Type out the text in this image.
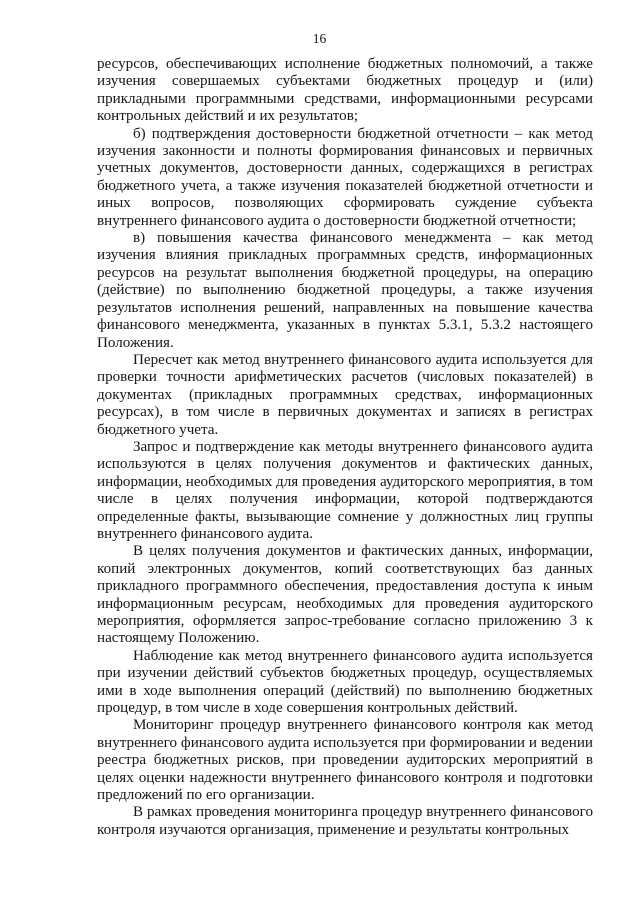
16

ресурсов, обеспечивающих исполнение бюджетных полномочий, а также изучения совершаемых субъектами бюджетных процедур и (или) прикладными программными средствами, информационными ресурсами контрольных действий и их результатов;

б) подтверждения достоверности бюджетной отчетности – как метод изучения законности и полноты формирования финансовых и первичных учетных документов, достоверности данных, содержащихся в регистрах бюджетного учета, а также изучения показателей бюджетной отчетности и иных вопросов, позволяющих сформировать суждение субъекта внутреннего финансового аудита о достоверности бюджетной отчетности;

в) повышения качества финансового менеджмента – как метод изучения влияния прикладных программных средств, информационных ресурсов на результат выполнения бюджетной процедуры, на операцию (действие) по выполнению бюджетной процедуры, а также изучения результатов исполнения решений, направленных на повышение качества финансового менеджмента, указанных в пунктах 5.3.1, 5.3.2 настоящего Положения.

Пересчет как метод внутреннего финансового аудита используется для проверки точности арифметических расчетов (числовых показателей) в документах (прикладных программных средствах, информационных ресурсах), в том числе в первичных документах и записях в регистрах бюджетного учета.

Запрос и подтверждение как методы внутреннего финансового аудита используются в целях получения документов и фактических данных, информации, необходимых для проведения аудиторского мероприятия, в том числе в целях получения информации, которой подтверждаются определенные факты, вызывающие сомнение у должностных лиц группы внутреннего финансового аудита.

В целях получения документов и фактических данных, информации, копий электронных документов, копий соответствующих баз данных прикладного программного обеспечения, предоставления доступа к иным информационным ресурсам, необходимых для проведения аудиторского мероприятия, оформляется запрос-требование согласно приложению 3 к настоящему Положению.

Наблюдение как метод внутреннего финансового аудита используется при изучении действий субъектов бюджетных процедур, осуществляемых ими в ходе выполнения операций (действий) по выполнению бюджетных процедур, в том числе в ходе совершения контрольных действий.

Мониторинг процедур внутреннего финансового контроля как метод внутреннего финансового аудита используется при формировании и ведении реестра бюджетных рисков, при проведении аудиторских мероприятий в целях оценки надежности внутреннего финансового контроля и подготовки предложений по его организации.

В рамках проведения мониторинга процедур внутреннего финансового контроля изучаются организация, применение и результаты контрольных
